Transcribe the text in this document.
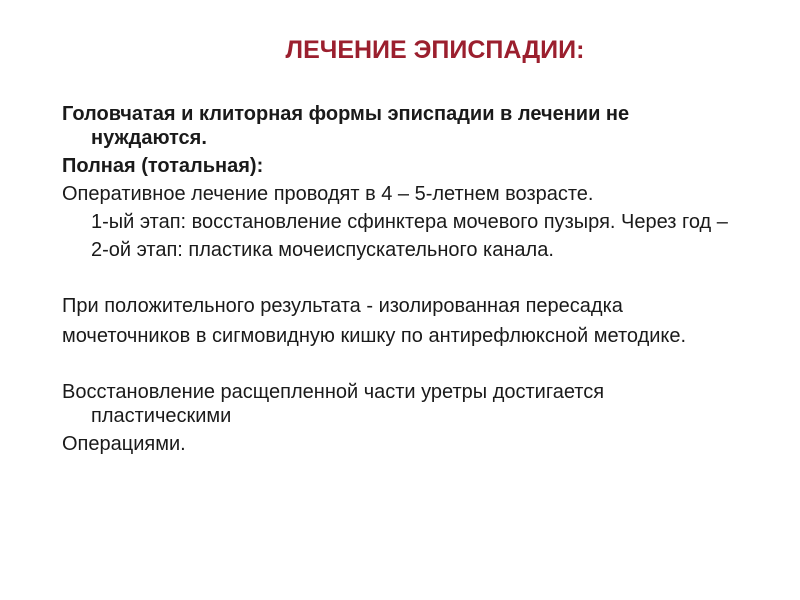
ЛЕЧЕНИЕ ЭПИСПАДИИ:

Головчатая и клиторная формы эписпадии в лечении не нуждаются.

Полная (тотальная):

Оперативное лечение проводят в 4 – 5-летнем возрасте.

1-ый этап: восстановление сфинктера мочевого пузыря. Через год –

2-ой этап: пластика мочеиспускательного канала.

При положительного результата - изолированная пересадка

мочеточников в сигмовидную кишку по антирефлюксной методике.

Восстановление расщепленной части уретры достигается пластическими

Операциями.
